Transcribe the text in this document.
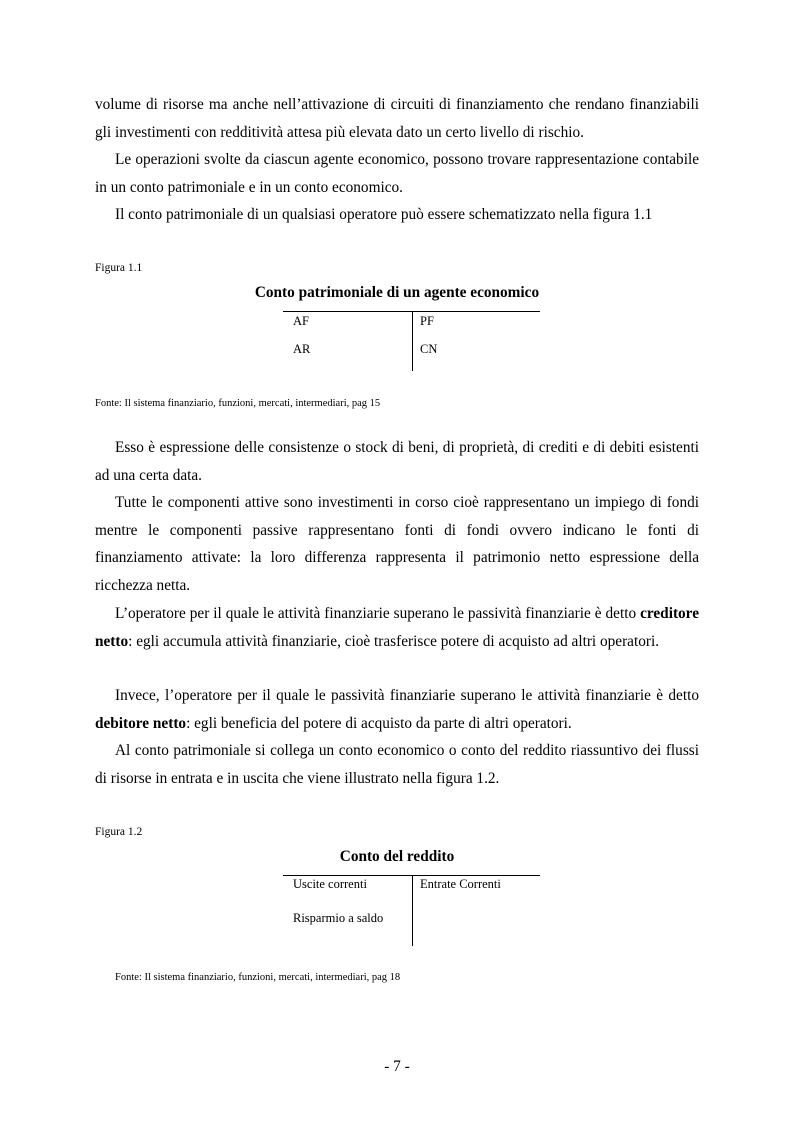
volume di risorse ma anche nell’attivazione di circuiti di finanziamento che rendano finanziabili gli investimenti con redditività attesa più elevata dato un certo livello di rischio.

Le operazioni svolte da ciascun agente economico, possono trovare rappresentazione contabile in un conto patrimoniale e in un conto economico.

Il conto patrimoniale di un qualsiasi operatore può essere schematizzato nella figura 1.1

Figura 1.1
Conto patrimoniale di un agente economico
AF
AR
PF
CN
Fonte: Il sistema finanziario, funzioni, mercati, intermediari, pag 15

Esso è espressione delle consistenze o stock di beni, di proprietà, di crediti e di debiti esistenti ad una certa data.

Tutte le componenti attive sono investimenti in corso cioè rappresentano un impiego di fondi mentre le componenti passive rappresentano fonti di fondi ovvero indicano le fonti di finanziamento attivate: la loro differenza rappresenta il patrimonio netto espressione della ricchezza netta.

L’operatore per il quale le attività finanziarie superano le passività finanziarie è detto creditore netto: egli accumula attività finanziarie, cioè trasferisce potere di acquisto ad altri operatori.

Invece, l’operatore per il quale le passività finanziarie superano le attività finanziarie è detto debitore netto: egli beneficia del potere di acquisto da parte di altri operatori.

Al conto patrimoniale si collega un conto economico o conto del reddito riassuntivo dei flussi di risorse in entrata e in uscita che viene illustrato nella figura 1.2.

Figura 1.2
Conto del reddito
Uscite correnti
Risparmio a saldo
Entrate Correnti
Fonte: Il sistema finanziario, funzioni, mercati, intermediari, pag 18
- 7 -
